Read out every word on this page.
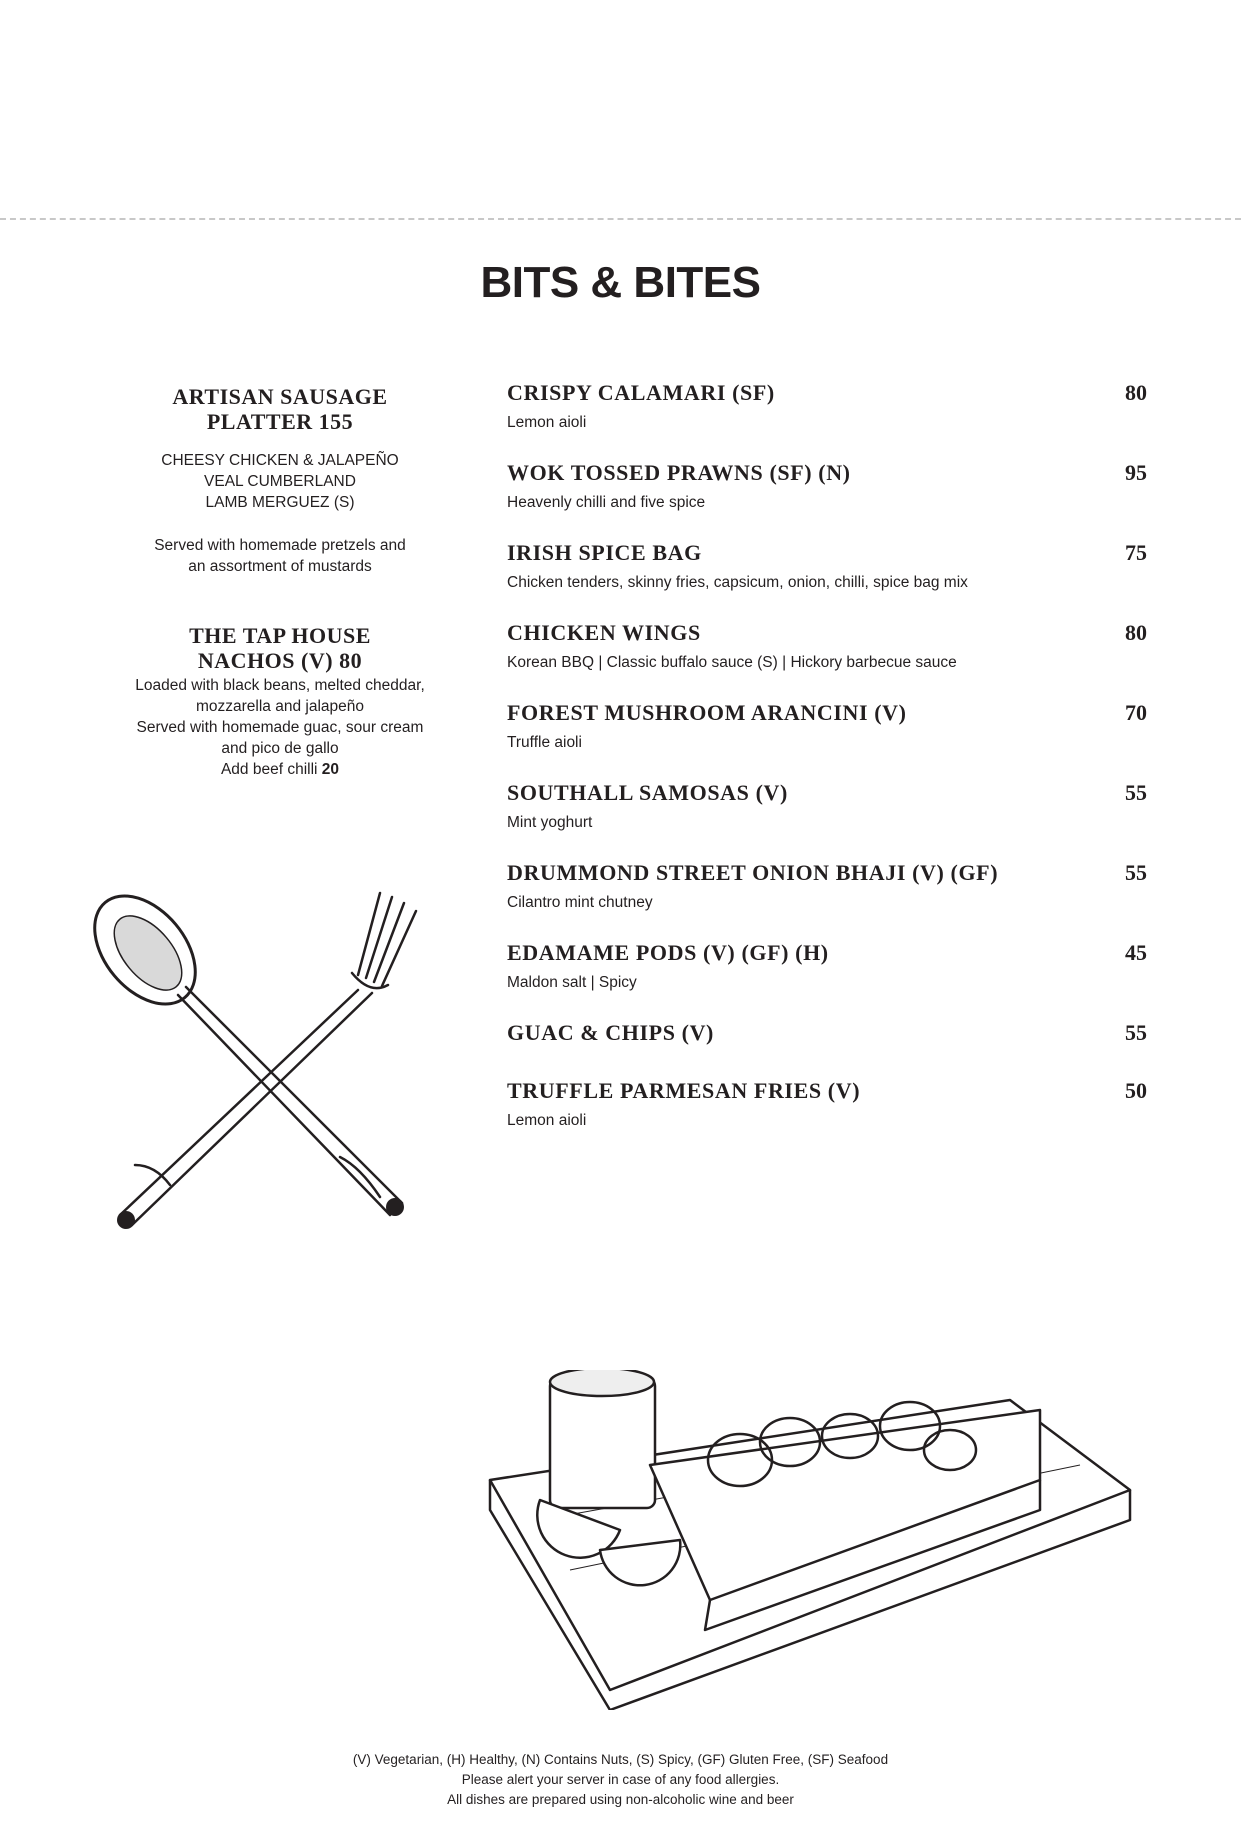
BITS & BITES
ARTISAN SAUSAGE
PLATTER 155
CHEESY CHICKEN & JALAPEÑO
VEAL CUMBERLAND
LAMB MERGUEZ (S)
Served with homemade pretzels and
an assortment of mustards
THE TAP HOUSE
NACHOS (V) 80
Loaded with black beans, melted cheddar,
mozzarella and jalapeño
Served with homemade guac, sour cream
and pico de gallo
Add beef chilli 20
CRISPY CALAMARI (SF)	80
Lemon aioli
WOK TOSSED PRAWNS (SF) (N)	95
Heavenly chilli and five spice
IRISH SPICE BAG	75
Chicken tenders, skinny fries, capsicum, onion, chilli, spice bag mix
CHICKEN WINGS	80
Korean BBQ | Classic buffalo sauce (S) | Hickory barbecue sauce
FOREST MUSHROOM ARANCINI (V)	70
Truffle aioli
SOUTHALL SAMOSAS (V)	55
Mint yoghurt
DRUMMOND STREET ONION BHAJI (V) (GF)	55
Cilantro mint chutney
EDAMAME PODS (V) (GF) (H)	45
Maldon salt | Spicy
GUAC & CHIPS (V)	55
TRUFFLE PARMESAN FRIES (V)	50
Lemon aioli
(V) Vegetarian, (H) Healthy, (N) Contains Nuts, (S) Spicy, (GF) Gluten Free, (SF) Seafood
Please alert your server in case of any food allergies.
All dishes are prepared using non-alcoholic wine and beer
